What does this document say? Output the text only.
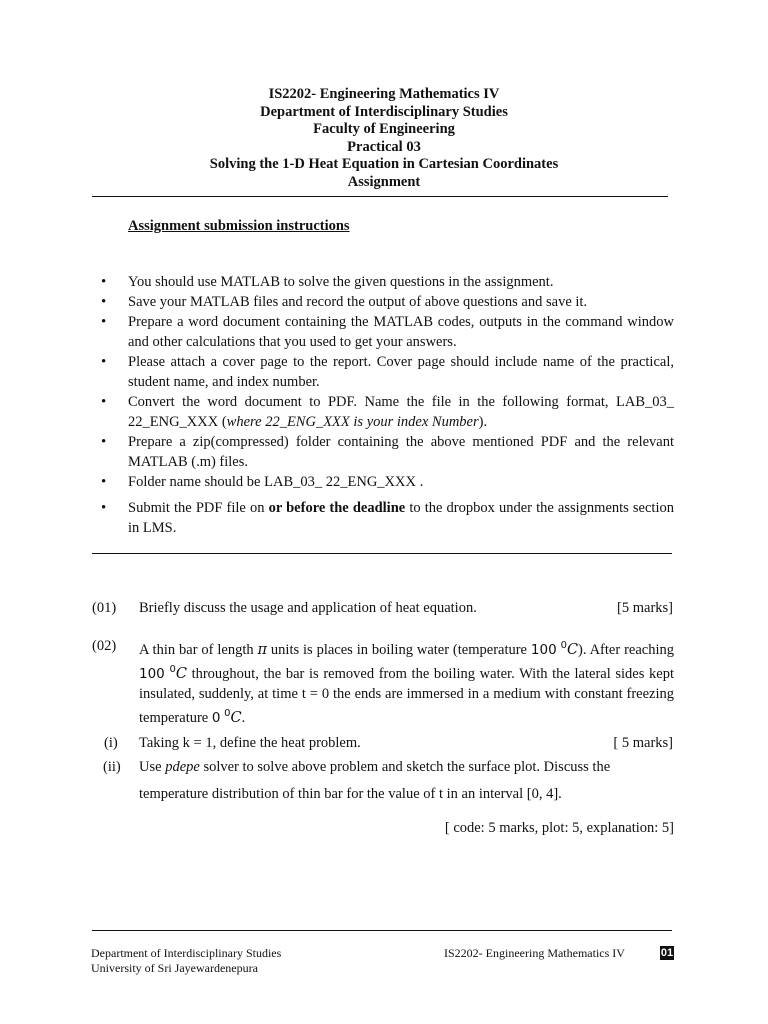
IS2202- Engineering Mathematics IV
Department of Interdisciplinary Studies
Faculty of Engineering
Practical 03
Solving the 1-D Heat Equation in Cartesian Coordinates
Assignment
Assignment submission instructions
• You should use MATLAB to solve the given questions in the assignment.
• Save your MATLAB files and record the output of above questions and save it.
• Prepare a word document containing the MATLAB codes, outputs in the command window and other calculations that you used to get your answers.
• Please attach a cover page to the report. Cover page should include name of the practical, student name, and index number.
• Convert the word document to PDF. Name the file in the following format, LAB_03_ 22_ENG_XXX (where 22_ENG_XXX is your index Number).
• Prepare a zip(compressed) folder containing the above mentioned PDF and the relevant MATLAB (.m) files.
• Folder name should be LAB_03_ 22_ENG_XXX .
• Submit the PDF file on or before the deadline to the dropbox under the assignments section in LMS.
(01)	Briefly discuss the usage and application of heat equation.	[5 marks]
(02)	A thin bar of length π units is places in boiling water (temperature 100 $^0$C). After reaching 100 $^0$C throughout, the bar is removed from the boiling water. With the lateral sides kept insulated, suddenly, at time t = 0 the ends are immersed in a medium with constant freezing temperature 0 $^0$C.
(i) Taking k = 1, define the heat problem.	[ 5 marks]
(ii) Use pdepe solver to solve above problem and sketch the surface plot. Discuss the
temperature distribution of thin bar for the value of t in an interval [0, 4].
[ code: 5 marks, plot: 5, explanation: 5]
Department of Interdisciplinary Studies
University of Sri Jayewardenepura
IS2202- Engineering Mathematics IV	01
